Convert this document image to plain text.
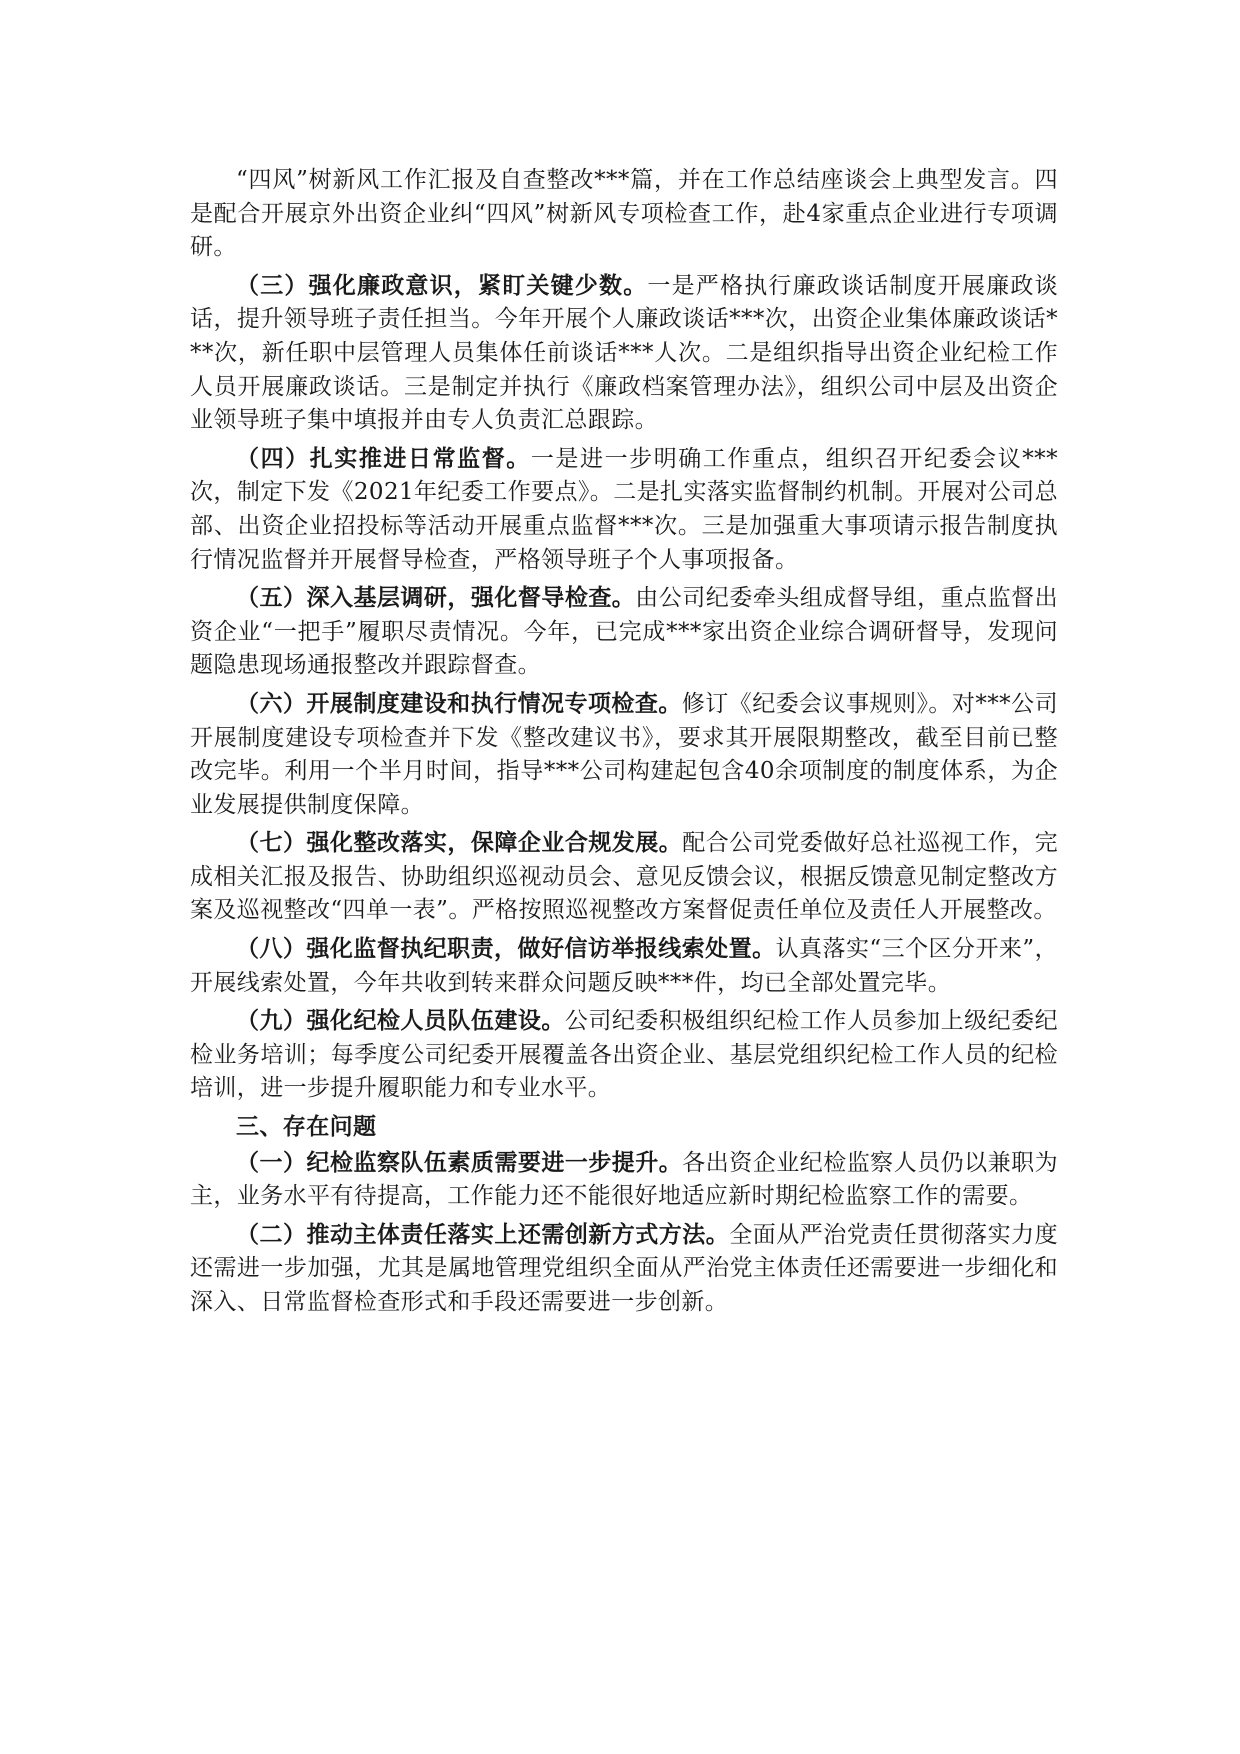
“四风”树新风工作汇报及自查整改***篇，并在工作总结座谈会上典型发言。四是配合开展京外出资企业纠“四风”树新风专项检查工作，赴4家重点企业进行专项调研。

（三）强化廉政意识，紧盯关键少数。一是严格执行廉政谈话制度开展廉政谈话，提升领导班子责任担当。今年开展个人廉政谈话***次，出资企业集体廉政谈话***次，新任职中层管理人员集体任前谈话***人次。二是组织指导出资企业纪检工作人员开展廉政谈话。三是制定并执行《廉政档案管理办法》，组织公司中层及出资企业领导班子集中填报并由专人负责汇总跟踪。

（四）扎实推进日常监督。一是进一步明确工作重点，组织召开纪委会议***次，制定下发《2021年纪委工作要点》。二是扎实落实监督制约机制。开展对公司总部、出资企业招投标等活动开展重点监督***次。三是加强重大事项请示报告制度执行情况监督并开展督导检查，严格领导班子个人事项报备。

（五）深入基层调研，强化督导检查。由公司纪委牵头组成督导组，重点监督出资企业“一把手”履职尽责情况。今年，已完成***家出资企业综合调研督导，发现问题隐患现场通报整改并跟踪督查。

（六）开展制度建设和执行情况专项检查。修订《纪委会议事规则》。对***公司开展制度建设专项检查并下发《整改建议书》，要求其开展限期整改，截至目前已整改完毕。利用一个半月时间，指导***公司构建起包含40余项制度的制度体系，为企业发展提供制度保障。

（七）强化整改落实，保障企业合规发展。配合公司党委做好总社巡视工作，完成相关汇报及报告、协助组织巡视动员会、意见反馈会议，根据反馈意见制定整改方案及巡视整改“四单一表”。严格按照巡视整改方案督促责任单位及责任人开展整改。

（八）强化监督执纪职责，做好信访举报线索处置。认真落实“三个区分开来”，开展线索处置，今年共收到转来群众问题反映***件，均已全部处置完毕。

（九）强化纪检人员队伍建设。公司纪委积极组织纪检工作人员参加上级纪委纪检业务培训；每季度公司纪委开展覆盖各出资企业、基层党组织纪检工作人员的纪检培训，进一步提升履职能力和专业水平。

三、存在问题

（一）纪检监察队伍素质需要进一步提升。各出资企业纪检监察人员仍以兼职为主，业务水平有待提高，工作能力还不能很好地适应新时期纪检监察工作的需要。

（二）推动主体责任落实上还需创新方式方法。全面从严治党责任贯彻落实力度还需进一步加强，尤其是属地管理党组织全面从严治党主体责任还需要进一步细化和深入、日常监督检查形式和手段还需要进一步创新。
